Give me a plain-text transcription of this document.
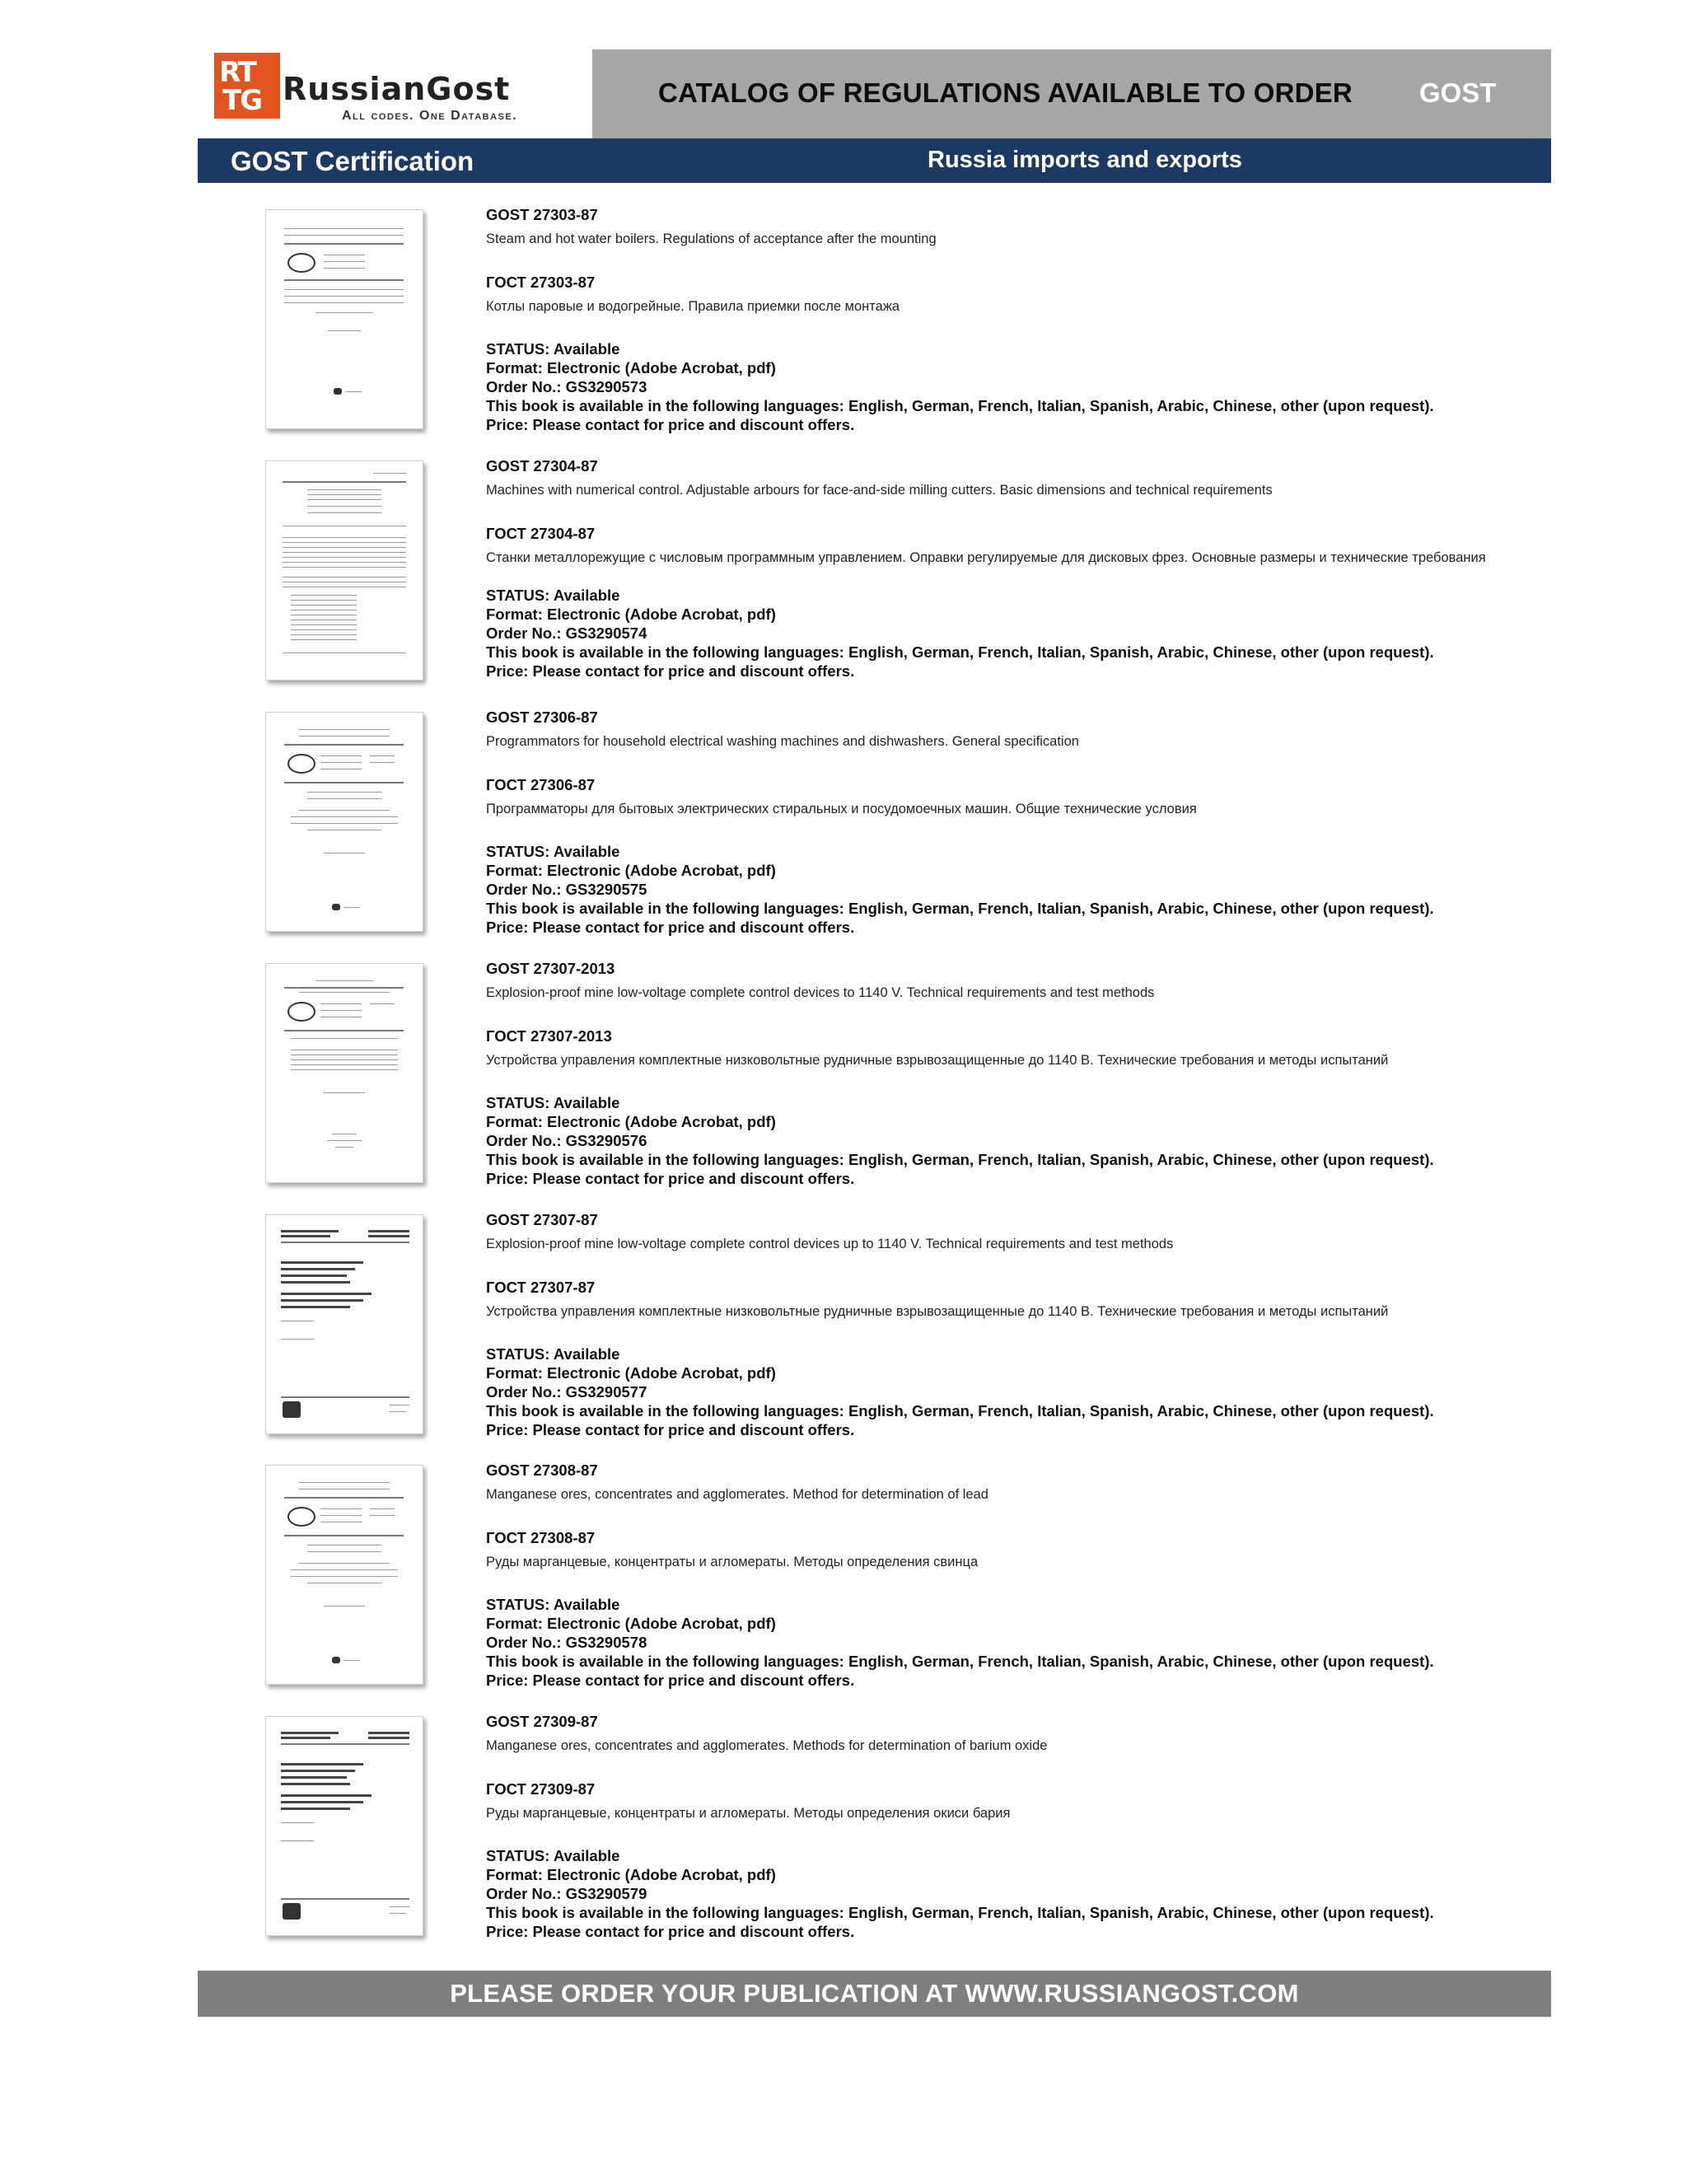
RT
TG RussianGost
All codes. One Database.
CATALOG OF REGULATIONS AVAILABLE TO ORDER GOST
GOST Certification	Russia imports and exports
GOST 27303-87
Steam and hot water boilers. Regulations of acceptance after the mounting
ГОСТ 27303-87
Котлы паровые и водогрейные. Правила приемки после монтажа
STATUS: Available
Format: Electronic (Adobe Acrobat, pdf)
Order No.: GS3290573
This book is available in the following languages: English, German, French, Italian, Spanish, Arabic, Chinese, other (upon request).
Price: Please contact for price and discount offers.
GOST 27304-87
Machines with numerical control. Adjustable arbours for face-and-side milling cutters. Basic dimensions and technical requirements
ГОСТ 27304-87
Станки металлорежущие с числовым программным управлением. Оправки регулируемые для дисковых фрез. Основные размеры и технические требования
STATUS: Available
Format: Electronic (Adobe Acrobat, pdf)
Order No.: GS3290574
This book is available in the following languages: English, German, French, Italian, Spanish, Arabic, Chinese, other (upon request).
Price: Please contact for price and discount offers.
GOST 27306-87
Programmators for household electrical washing machines and dishwashers. General specification
ГОСТ 27306-87
Программаторы для бытовых электрических стиральных и посудомоечных машин. Общие технические условия
STATUS: Available
Format: Electronic (Adobe Acrobat, pdf)
Order No.: GS3290575
This book is available in the following languages: English, German, French, Italian, Spanish, Arabic, Chinese, other (upon request).
Price: Please contact for price and discount offers.
GOST 27307-2013
Explosion-proof mine low-voltage complete control devices to 1140 V. Technical requirements and test methods
ГОСТ 27307-2013
Устройства управления комплектные низковольтные рудничные взрывозащищенные до 1140 В. Технические требования и методы испытаний
STATUS: Available
Format: Electronic (Adobe Acrobat, pdf)
Order No.: GS3290576
This book is available in the following languages: English, German, French, Italian, Spanish, Arabic, Chinese, other (upon request).
Price: Please contact for price and discount offers.
GOST 27307-87
Explosion-proof mine low-voltage complete control devices up to 1140 V. Technical requirements and test methods
ГОСТ 27307-87
Устройства управления комплектные низковольтные рудничные взрывозащищенные до 1140 В. Технические требования и методы испытаний
STATUS: Available
Format: Electronic (Adobe Acrobat, pdf)
Order No.: GS3290577
This book is available in the following languages: English, German, French, Italian, Spanish, Arabic, Chinese, other (upon request).
Price: Please contact for price and discount offers.
GOST 27308-87
Manganese ores, concentrates and agglomerates. Method for determination of lead
ГОСТ 27308-87
Руды марганцевые, концентраты и агломераты. Методы определения свинца
STATUS: Available
Format: Electronic (Adobe Acrobat, pdf)
Order No.: GS3290578
This book is available in the following languages: English, German, French, Italian, Spanish, Arabic, Chinese, other (upon request).
Price: Please contact for price and discount offers.
GOST 27309-87
Manganese ores, concentrates and agglomerates. Methods for determination of barium oxide
ГОСТ 27309-87
Руды марганцевые, концентраты и агломераты. Методы определения окиси бария
STATUS: Available
Format: Electronic (Adobe Acrobat, pdf)
Order No.: GS3290579
This book is available in the following languages: English, German, French, Italian, Spanish, Arabic, Chinese, other (upon request).
Price: Please contact for price and discount offers.
PLEASE ORDER YOUR PUBLICATION AT WWW.RUSSIANGOST.COM
